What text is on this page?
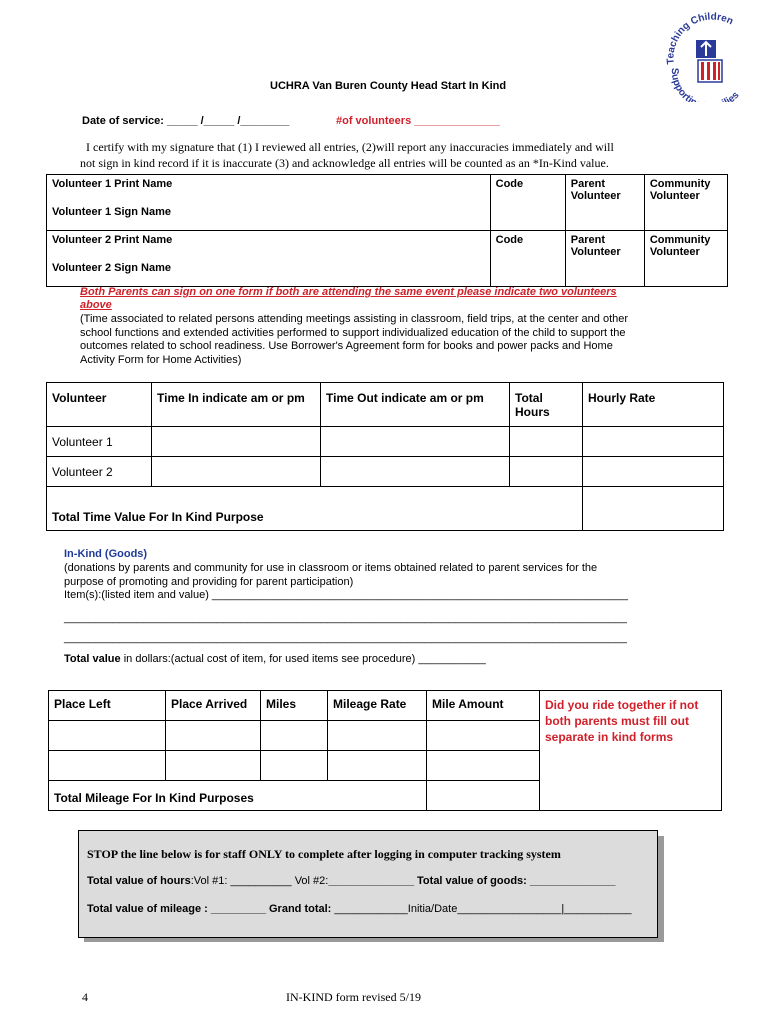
Teaching Children
Supporti ies
UCHRA Van Buren County Head Start In Kind
Date of service: _____ /_____ /________	#of volunteers ______________
I certify with my signature that (1) I reviewed all entries, (2)will report any inaccuracies immediately and will
not sign in kind record if it is inaccurate (3) and acknowledge all entries will be counted as an *In-Kind value.
Volunteer 1 Print Name	Code	Parent Volunteer	Community Volunteer
Volunteer 1 Sign Name			
Volunteer 2 Print Name	Code	Parent Volunteer	Community Volunteer
Volunteer 2 Sign Name			
Both Parents can sign on one form if both are attending the same event please indicate two volunteers above
(Time associated to related persons attending meetings assisting in classroom, field trips, at the center and other school functions and extended activities performed to support individualized education of the child to support the outcomes related to school readiness. Use Borrower's Agreement form for books and power packs and Home Activity Form for Home Activities)
Volunteer	Time In indicate am or pm	Time Out indicate am or pm	Total Hours	Hourly Rate
Volunteer 1				
Volunteer 2				
Total Time Value For In Kind Purpose				
In-Kind (Goods)
(donations by parents and community for use in classroom or items obtained related to parent services for the purpose of promoting and providing for parent participation)
Item(s):(listed item and value) ____________________________________________________________________
____________________________________________________________________________________________
____________________________________________________________________________________________
Total value in dollars:(actual cost of item, for used items see procedure) ___________
Place Left	Place Arrived	Miles	Mileage Rate	Mile Amount	Did you ride together if not both parents must fill out separate in kind forms

Total Mileage For In Kind Purposes					
STOP the line below is for staff ONLY to complete after logging in computer tracking system
Total value of hours:Vol #1: __________ Vol #2:______________ Total value of goods: ______________
Total value of mileage : _________ Grand total: ____________Initia/Date_________________|___________
4	IN-KIND form revised 5/19
